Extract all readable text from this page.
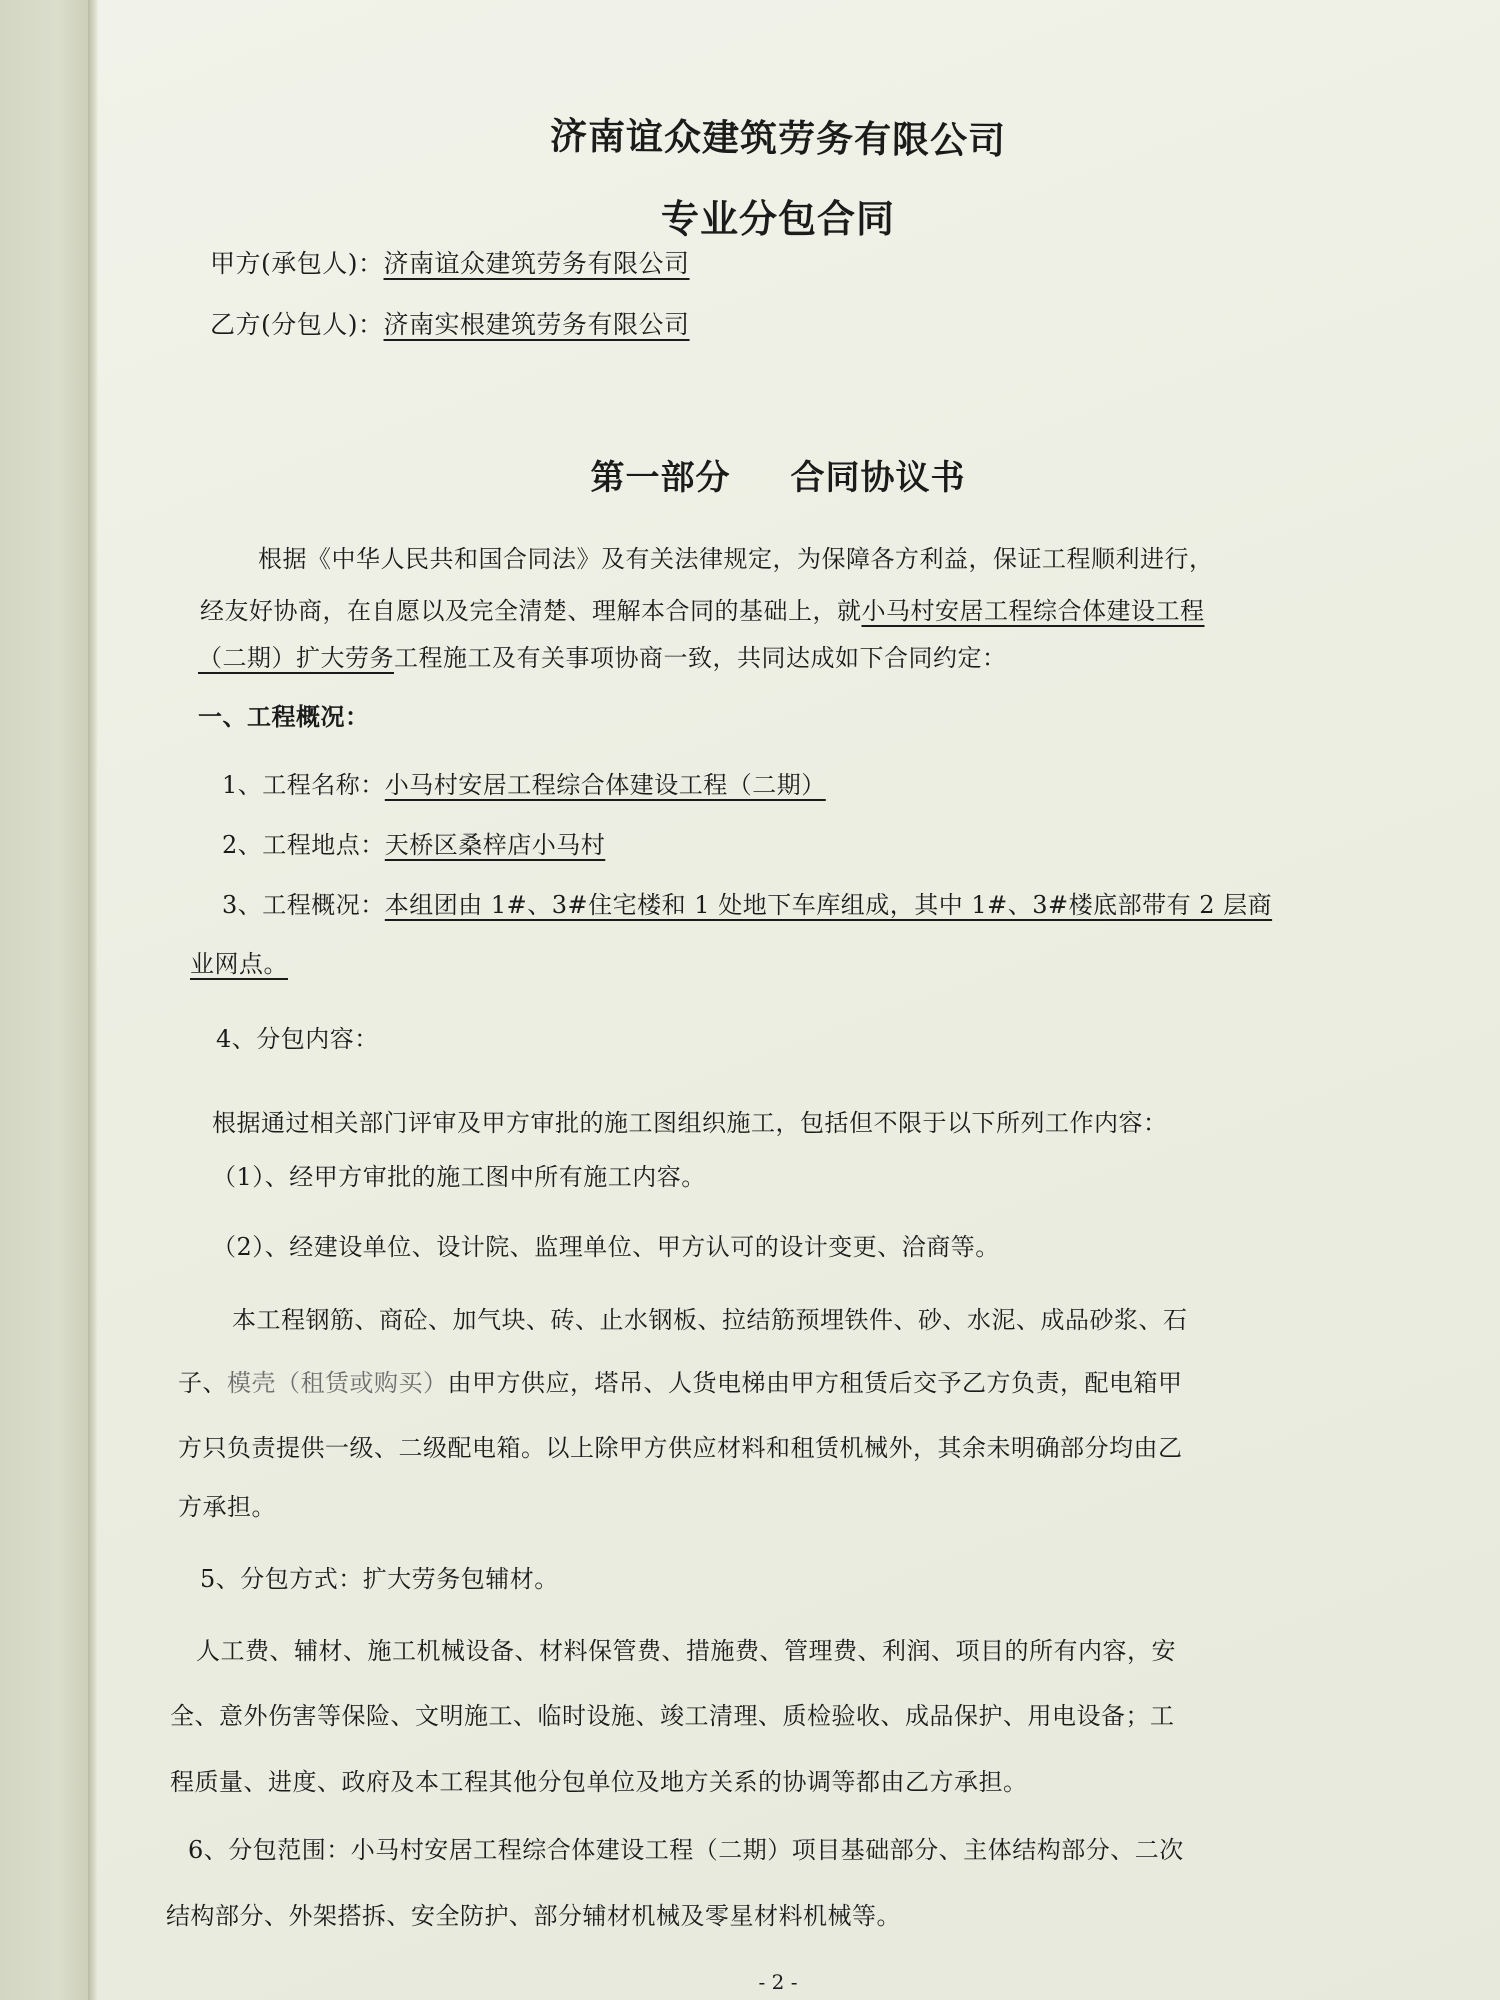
济南谊众建筑劳务有限公司
专业分包合同
甲方(承包人)：济南谊众建筑劳务有限公司
乙方(分包人)：济南实根建筑劳务有限公司
第一部分 合同协议书
根据《中华人民共和国合同法》及有关法律规定，为保障各方利益，保证工程顺利进行，
经友好协商，在自愿以及完全清楚、理解本合同的基础上，就小马村安居工程综合体建设工程
（二期）扩大劳务工程施工及有关事项协商一致，共同达成如下合同约定：
一、工程概况：
1、工程名称：小马村安居工程综合体建设工程（二期）
2、工程地点：天桥区桑梓店小马村
3、工程概况：本组团由 1#、3#住宅楼和 1 处地下车库组成，其中 1#、3#楼底部带有 2 层商
业网点。
4、分包内容：
根据通过相关部门评审及甲方审批的施工图组织施工，包括但不限于以下所列工作内容：
（1）、经甲方审批的施工图中所有施工内容。
（2）、经建设单位、设计院、监理单位、甲方认可的设计变更、洽商等。
本工程钢筋、商砼、加气块、砖、止水钢板、拉结筋预埋铁件、砂、水泥、成品砂浆、石
子、模壳（租赁或购买）由甲方供应，塔吊、人货电梯由甲方租赁后交予乙方负责，配电箱甲
方只负责提供一级、二级配电箱。以上除甲方供应材料和租赁机械外，其余未明确部分均由乙
方承担。
5、分包方式：扩大劳务包辅材。
人工费、辅材、施工机械设备、材料保管费、措施费、管理费、利润、项目的所有内容，安
全、意外伤害等保险、文明施工、临时设施、竣工清理、质检验收、成品保护、用电设备；工
程质量、进度、政府及本工程其他分包单位及地方关系的协调等都由乙方承担。
6、分包范围：小马村安居工程综合体建设工程（二期）项目基础部分、主体结构部分、二次
结构部分、外架搭拆、安全防护、部分辅材机械及零星材料机械等。
- 2 -
